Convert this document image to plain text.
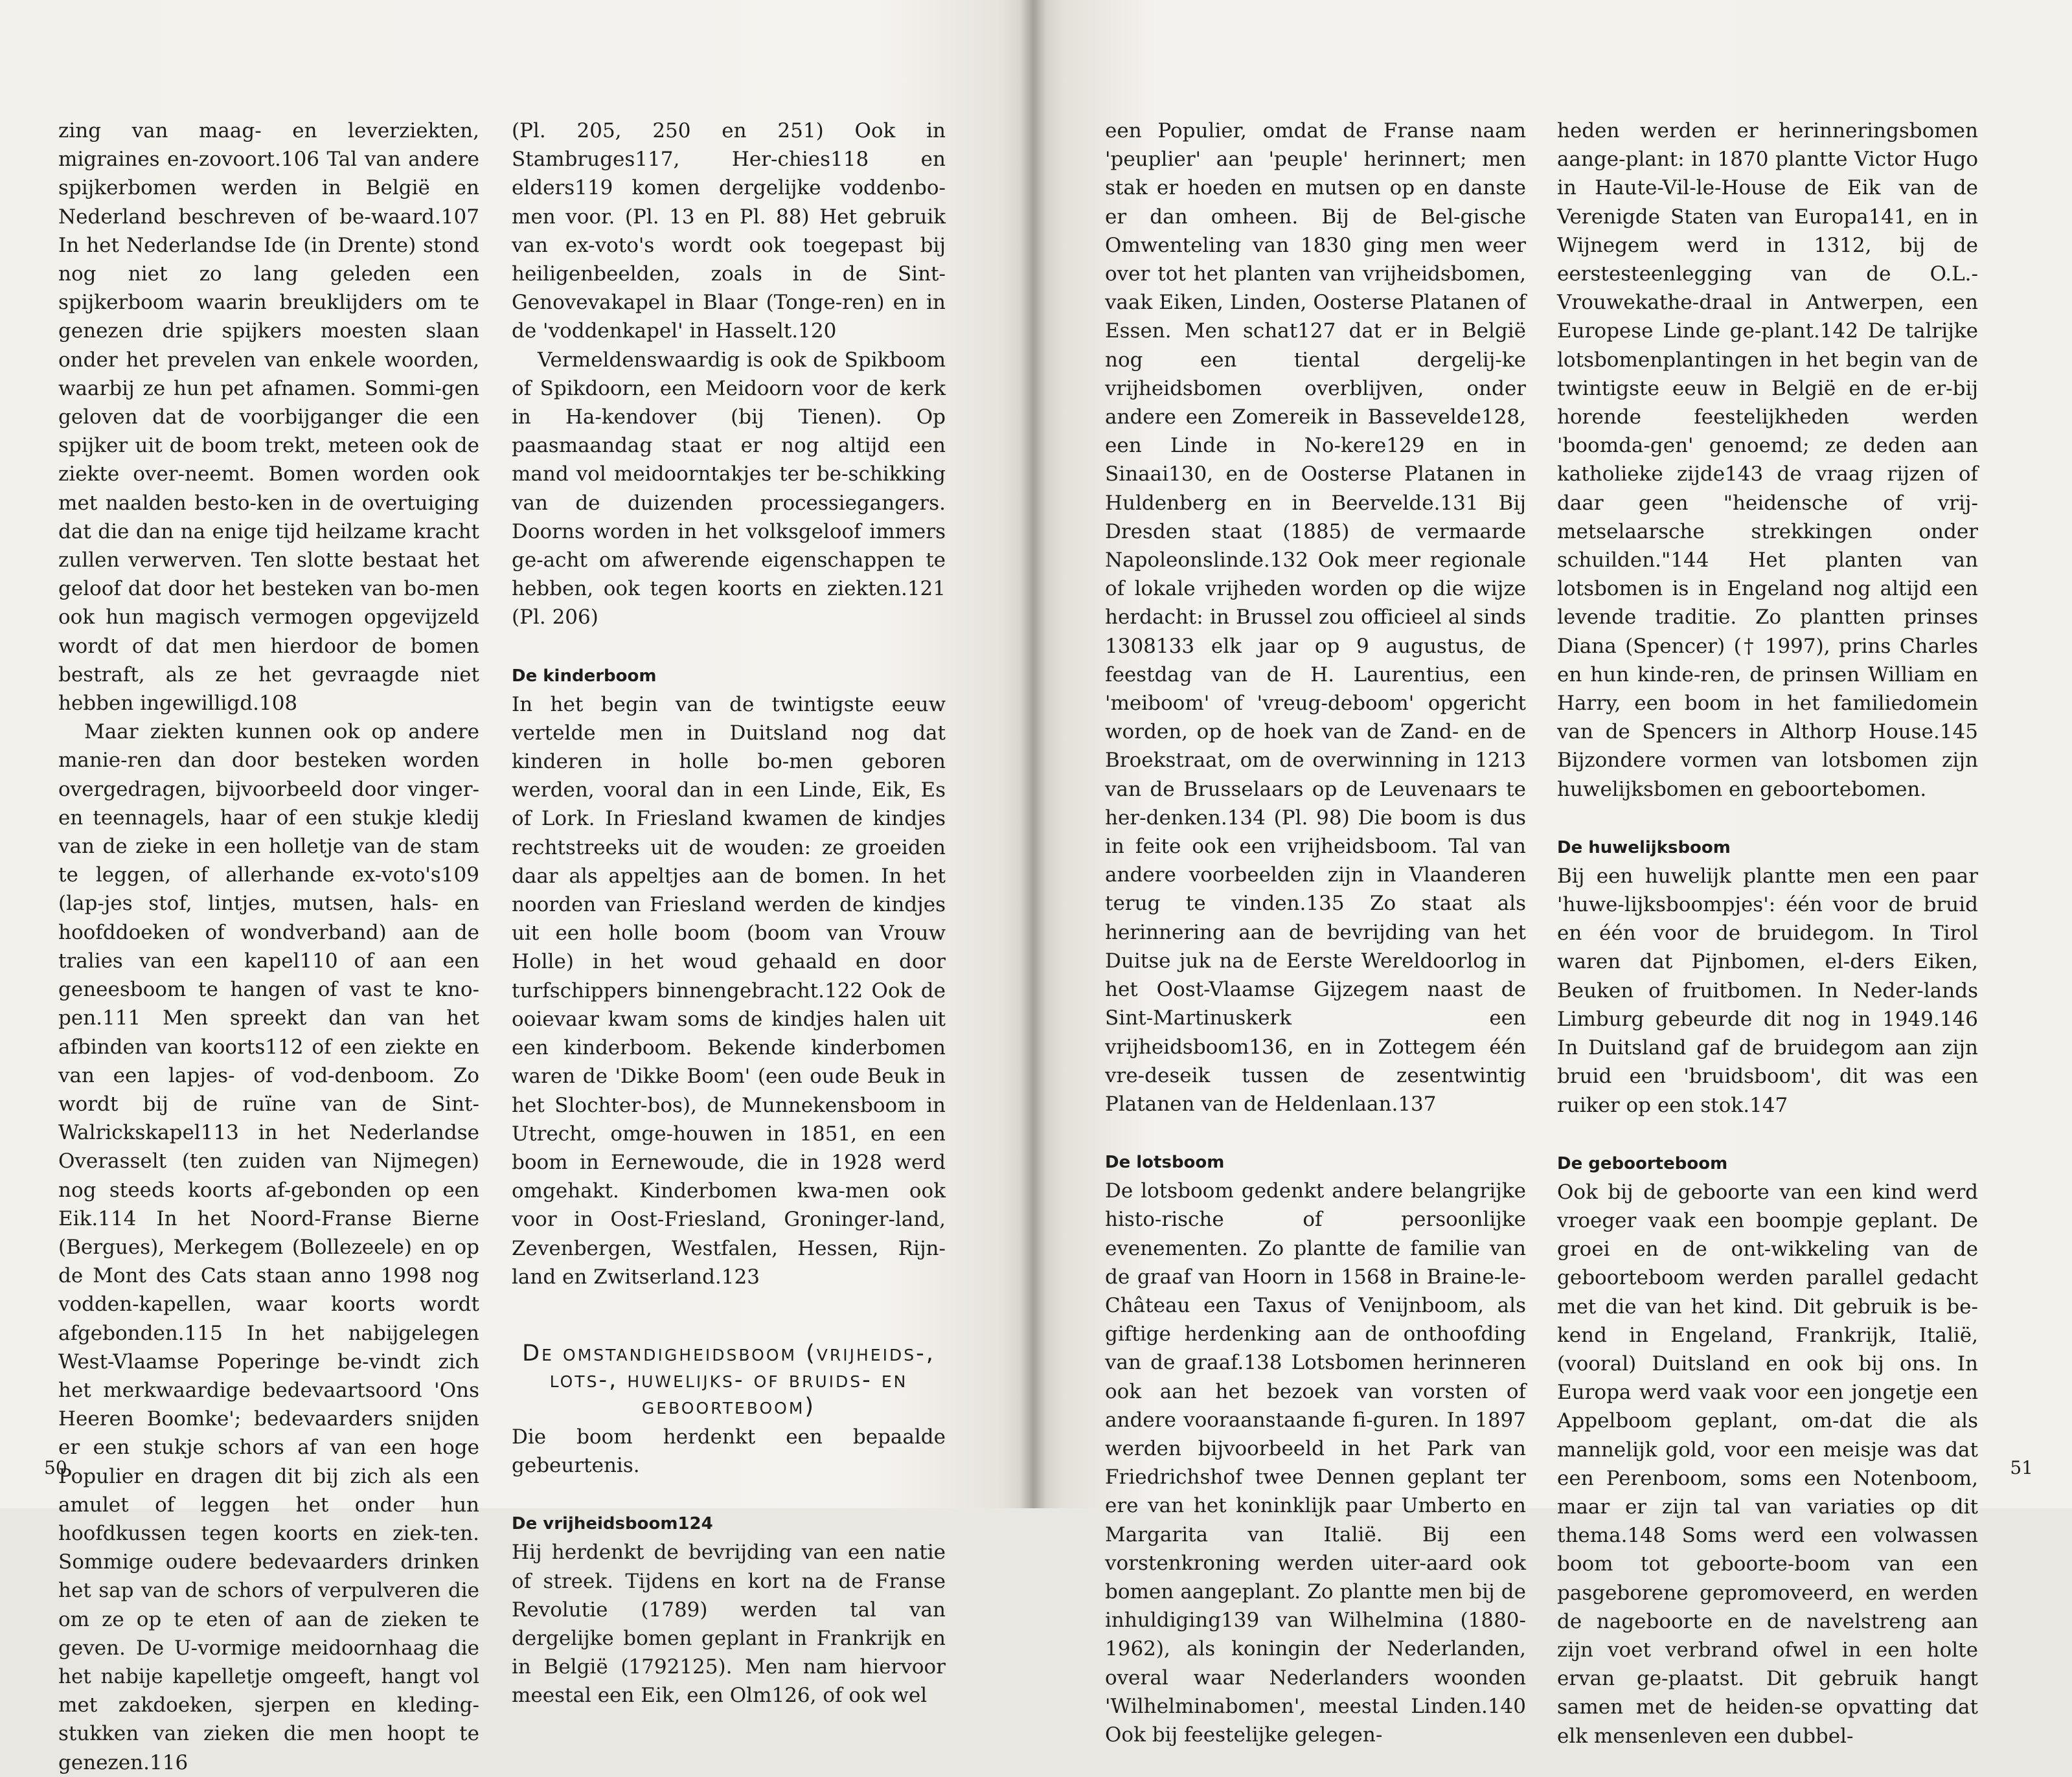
zing van maag- en leverziekten, migraines en-zovoort.106 Tal van andere spijkerbomen werden in België en Nederland beschreven of be-waard.107 In het Nederlandse Ide (in Drente) stond nog niet zo lang geleden een spijkerboom waarin breuklijders om te genezen drie spijkers moesten slaan onder het prevelen van enkele woorden, waarbij ze hun pet afnamen. Sommi-gen geloven dat de voorbijganger die een spijker uit de boom trekt, meteen ook de ziekte over-neemt. Bomen worden ook met naalden besto-ken in de overtuiging dat die dan na enige tijd heilzame kracht zullen verwerven. Ten slotte bestaat het geloof dat door het besteken van bo-men ook hun magisch vermogen opgevijzeld wordt of dat men hierdoor de bomen bestraft, als ze het gevraagde niet hebben ingewilligd.108

Maar ziekten kunnen ook op andere manie-ren dan door besteken worden overgedragen, bijvoorbeeld door vinger- en teennagels, haar of een stukje kledij van de zieke in een holletje van de stam te leggen, of allerhande ex-voto's109 (lap-jes stof, lintjes, mutsen, hals- en hoofddoeken of wondverband) aan de tralies van een kapel110 of aan een geneesboom te hangen of vast te kno-pen.111 Men spreekt dan van het afbinden van koorts112 of een ziekte en van een lapjes- of vod-denboom. Zo wordt bij de ruïne van de Sint-Walrickskapel113 in het Nederlandse Overasselt (ten zuiden van Nijmegen) nog steeds koorts af-gebonden op een Eik.114 In het Noord-Franse Bierne (Bergues), Merkegem (Bollezeele) en op de Mont des Cats staan anno 1998 nog vodden-kapellen, waar koorts wordt afgebonden.115 In het nabijgelegen West-Vlaamse Poperinge be-vindt zich het merkwaardige bedevaartsoord 'Ons Heeren Boomke'; bedevaarders snijden er een stukje schors af van een hoge Populier en dragen dit bij zich als een amulet of leggen het onder hun hoofdkussen tegen koorts en ziek-ten. Sommige oudere bedevaarders drinken het sap van de schors of verpulveren die om ze op te eten of aan de zieken te geven. De U-vormige meidoornhaag die het nabije kapelletje omgeeft, hangt vol met zakdoeken, sjerpen en kleding-stukken van zieken die men hoopt te genezen.116

(Pl. 205, 250 en 251) Ook in Stambruges117, Her-chies118 en elders119 komen dergelijke voddenbo-men voor. (Pl. 13 en Pl. 88) Het gebruik van ex-voto's wordt ook toegepast bij heiligenbeelden, zoals in de Sint-Genovevakapel in Blaar (Tonge-ren) en in de 'voddenkapel' in Hasselt.120

Vermeldenswaardig is ook de Spikboom of Spikdoorn, een Meidoorn voor de kerk in Ha-kendover (bij Tienen). Op paasmaandag staat er nog altijd een mand vol meidoorntakjes ter be-schikking van de duizenden processiegangers. Doorns worden in het volksgeloof immers ge-acht om afwerende eigenschappen te hebben, ook tegen koorts en ziekten.121 (Pl. 206)

De kinderboom

In het begin van de twintigste eeuw vertelde men in Duitsland nog dat kinderen in holle bo-men geboren werden, vooral dan in een Linde, Eik, Es of Lork. In Friesland kwamen de kindjes rechtstreeks uit de wouden: ze groeiden daar als appeltjes aan de bomen. In het noorden van Friesland werden de kindjes uit een holle boom (boom van Vrouw Holle) in het woud gehaald en door turfschippers binnengebracht.122 Ook de ooievaar kwam soms de kindjes halen uit een kinderboom. Bekende kinderbomen waren de 'Dikke Boom' (een oude Beuk in het Slochter-bos), de Munnekensboom in Utrecht, omge-houwen in 1851, en een boom in Eernewoude, die in 1928 werd omgehakt. Kinderbomen kwa-men ook voor in Oost-Friesland, Groninger-land, Zevenbergen, Westfalen, Hessen, Rijn-land en Zwitserland.123

De omstandigheidsboom (vrijheids-, lots-, huwelijks- of bruids- en geboorteboom)

Die boom herdenkt een bepaalde gebeurtenis.

De vrijheidsboom124

Hij herdenkt de bevrijding van een natie of streek. Tijdens en kort na de Franse Revolutie (1789) werden tal van dergelijke bomen geplant in Frankrijk en in België (1792125). Men nam hiervoor meestal een Eik, een Olm126, of ook wel

50

een Populier, omdat de Franse naam 'peuplier' aan 'peuple' herinnert; men stak er hoeden en mutsen op en danste er dan omheen. Bij de Bel-gische Omwenteling van 1830 ging men weer over tot het planten van vrijheidsbomen, vaak Eiken, Linden, Oosterse Platanen of Essen. Men schat127 dat er in België nog een tiental dergelij-ke vrijheidsbomen overblijven, onder andere een Zomereik in Bassevelde128, een Linde in No-kere129 en in Sinaai130, en de Oosterse Platanen in Huldenberg en in Beervelde.131 Bij Dresden staat (1885) de vermaarde Napoleonslinde.132 Ook meer regionale of lokale vrijheden worden op die wijze herdacht: in Brussel zou officieel al sinds 1308133 elk jaar op 9 augustus, de feestdag van de H. Laurentius, een 'meiboom' of 'vreug-deboom' opgericht worden, op de hoek van de Zand- en de Broekstraat, om de overwinning in 1213 van de Brusselaars op de Leuvenaars te her-denken.134 (Pl. 98) Die boom is dus in feite ook een vrijheidsboom. Tal van andere voorbeelden zijn in Vlaanderen terug te vinden.135 Zo staat als herinnering aan de bevrijding van het Duitse juk na de Eerste Wereldoorlog in het Oost-Vlaamse Gijzegem naast de Sint-Martinuskerk een vrijheidsboom136, en in Zottegem één vre-deseik tussen de zesentwintig Platanen van de Heldenlaan.137

De lotsboom

De lotsboom gedenkt andere belangrijke histo-rische of persoonlijke evenementen. Zo plantte de familie van de graaf van Hoorn in 1568 in Braine-le-Château een Taxus of Venijnboom, als giftige herdenking aan de onthoofding van de graaf.138 Lotsbomen herinneren ook aan het bezoek van vorsten of andere vooraanstaande fi-guren. In 1897 werden bijvoorbeeld in het Park van Friedrichshof twee Dennen geplant ter ere van het koninklijk paar Umberto en Margarita van Italië. Bij een vorstenkroning werden uiter-aard ook bomen aangeplant. Zo plantte men bij de inhuldiging139 van Wilhelmina (1880-1962), als koningin der Nederlanden, overal waar Nederlanders woonden 'Wilhelminabomen', meestal Linden.140 Ook bij feestelijke gelegen-

heden werden er herinneringsbomen aange-plant: in 1870 plantte Victor Hugo in Haute-Vil-le-House de Eik van de Verenigde Staten van Europa141, en in Wijnegem werd in 1312, bij de eerstesteenlegging van de O.L.-Vrouwekathe-draal in Antwerpen, een Europese Linde ge-plant.142 De talrijke lotsbomenplantingen in het begin van de twintigste eeuw in België en de er-bij horende feestelijkheden werden 'boomda-gen' genoemd; ze deden aan katholieke zijde143 de vraag rijzen of daar geen "heidensche of vrij-metselaarsche strekkingen onder schuilden."144 Het planten van lotsbomen is in Engeland nog altijd een levende traditie. Zo plantten prinses Diana (Spencer) († 1997), prins Charles en hun kinde-ren, de prinsen William en Harry, een boom in het familiedomein van de Spencers in Althorp House.145 Bijzondere vormen van lotsbomen zijn huwelijksbomen en geboortebomen.

De huwelijksboom

Bij een huwelijk plantte men een paar 'huwe-lijksboompjes': één voor de bruid en één voor de bruidegom. In Tirol waren dat Pijnbomen, el-ders Eiken, Beuken of fruitbomen. In Neder-lands Limburg gebeurde dit nog in 1949.146 In Duitsland gaf de bruidegom aan zijn bruid een 'bruidsboom', dit was een ruiker op een stok.147

De geboorteboom

Ook bij de geboorte van een kind werd vroeger vaak een boompje geplant. De groei en de ont-wikkeling van de geboorteboom werden parallel gedacht met die van het kind. Dit gebruik is be-kend in Engeland, Frankrijk, Italië, (vooral) Duitsland en ook bij ons. In Europa werd vaak voor een jongetje een Appelboom geplant, om-dat die als mannelijk gold, voor een meisje was dat een Perenboom, soms een Notenboom, maar er zijn tal van variaties op dit thema.148 Soms werd een volwassen boom tot geboorte-boom van een pasgeborene gepromoveerd, en werden de nageboorte en de navelstreng aan zijn voet verbrand ofwel in een holte ervan ge-plaatst. Dit gebruik hangt samen met de heiden-se opvatting dat elk mensenleven een dubbel-

51
